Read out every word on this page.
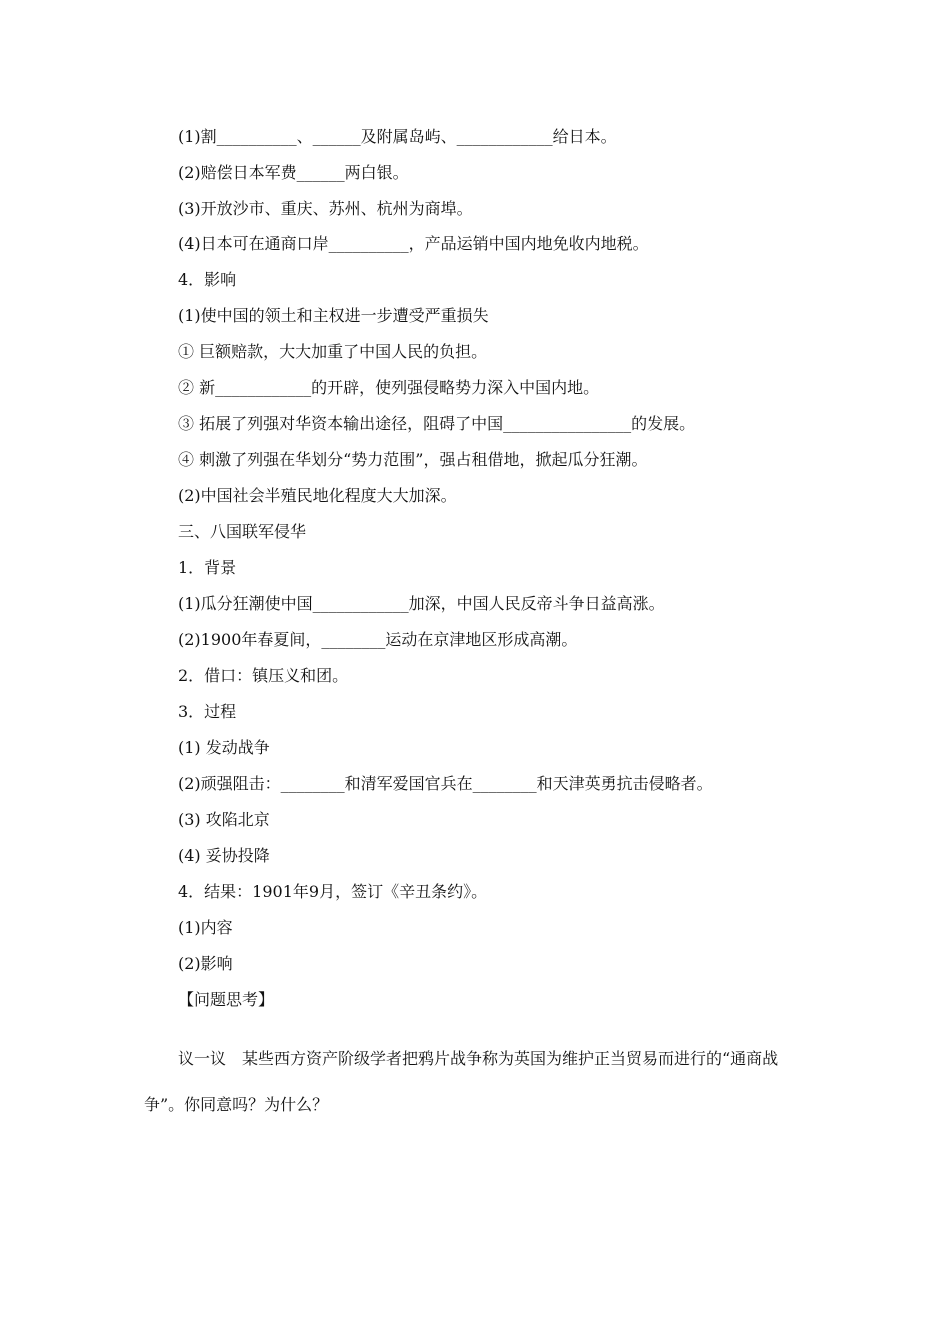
(1)割__________、______及附属岛屿、____________给日本。
(2)赔偿日本军费______两白银。
(3)开放沙市、重庆、苏州、杭州为商埠。
(4)日本可在通商口岸__________，产品运销中国内地免收内地税。
4．影响
(1)使中国的领土和主权进一步遭受严重损失
① 巨额赔款，大大加重了中国人民的负担。
② 新____________的开辟，使列强侵略势力深入中国内地。
③ 拓展了列强对华资本输出途径，阻碍了中国________________的发展。
④ 刺激了列强在华划分“势力范围”，强占租借地，掀起瓜分狂潮。
(2)中国社会半殖民地化程度大大加深。
三、八国联军侵华
1．背景
(1)瓜分狂潮使中国____________加深，中国人民反帝斗争日益高涨。
(2)1900年春夏间，________运动在京津地区形成高潮。
2．借口：镇压义和团。
3．过程
(1) 发动战争
(2)顽强阻击：________和清军爱国官兵在________和天津英勇抗击侵略者。
(3) 攻陷北京
(4) 妥协投降
4．结果：1901年9月，签订《辛丑条约》。
(1)内容
(2)影响
【问题思考】
议一议　某些西方资产阶级学者把鸦片战争称为英国为维护正当贸易而进行的“通商战争”。你同意吗？为什么？
